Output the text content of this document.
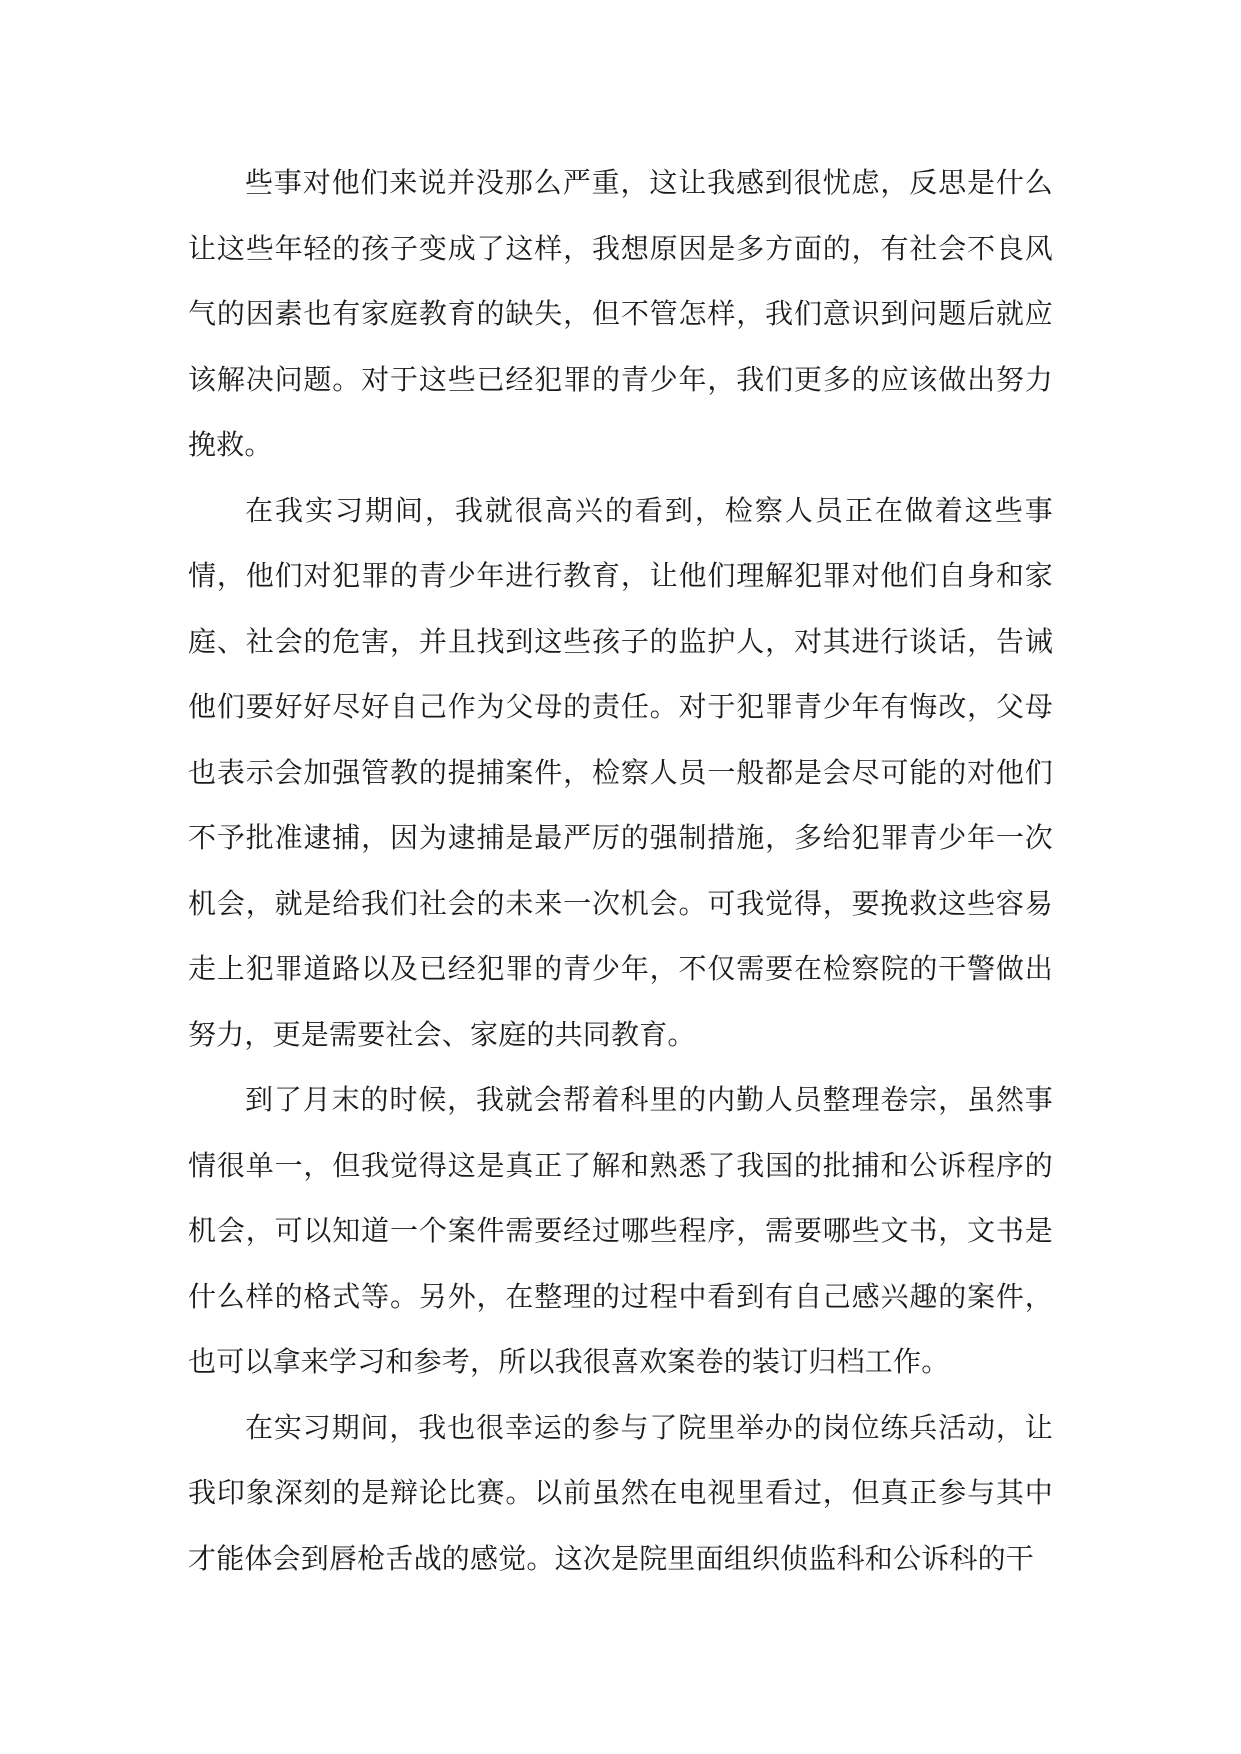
些事对他们来说并没那么严重，这让我感到很忧虑，反思是什么让这些年轻的孩子变成了这样，我想原因是多方面的，有社会不良风气的因素也有家庭教育的缺失，但不管怎样，我们意识到问题后就应该解决问题。对于这些已经犯罪的青少年，我们更多的应该做出努力挽救。

在我实习期间，我就很高兴的看到，检察人员正在做着这些事情，他们对犯罪的青少年进行教育，让他们理解犯罪对他们自身和家庭、社会的危害，并且找到这些孩子的监护人，对其进行谈话，告诫他们要好好尽好自己作为父母的责任。对于犯罪青少年有悔改，父母也表示会加强管教的提捕案件，检察人员一般都是会尽可能的对他们不予批准逮捕，因为逮捕是最严厉的强制措施，多给犯罪青少年一次机会，就是给我们社会的未来一次机会。可我觉得，要挽救这些容易走上犯罪道路以及已经犯罪的青少年，不仅需要在检察院的干警做出努力，更是需要社会、家庭的共同教育。

到了月末的时候，我就会帮着科里的内勤人员整理卷宗，虽然事情很单一，但我觉得这是真正了解和熟悉了我国的批捕和公诉程序的机会，可以知道一个案件需要经过哪些程序，需要哪些文书，文书是什么样的格式等。另外，在整理的过程中看到有自己感兴趣的案件，也可以拿来学习和参考，所以我很喜欢案卷的装订归档工作。

在实习期间，我也很幸运的参与了院里举办的岗位练兵活动，让我印象深刻的是辩论比赛。以前虽然在电视里看过，但真正参与其中才能体会到唇枪舌战的感觉。这次是院里面组织侦监科和公诉科的干
